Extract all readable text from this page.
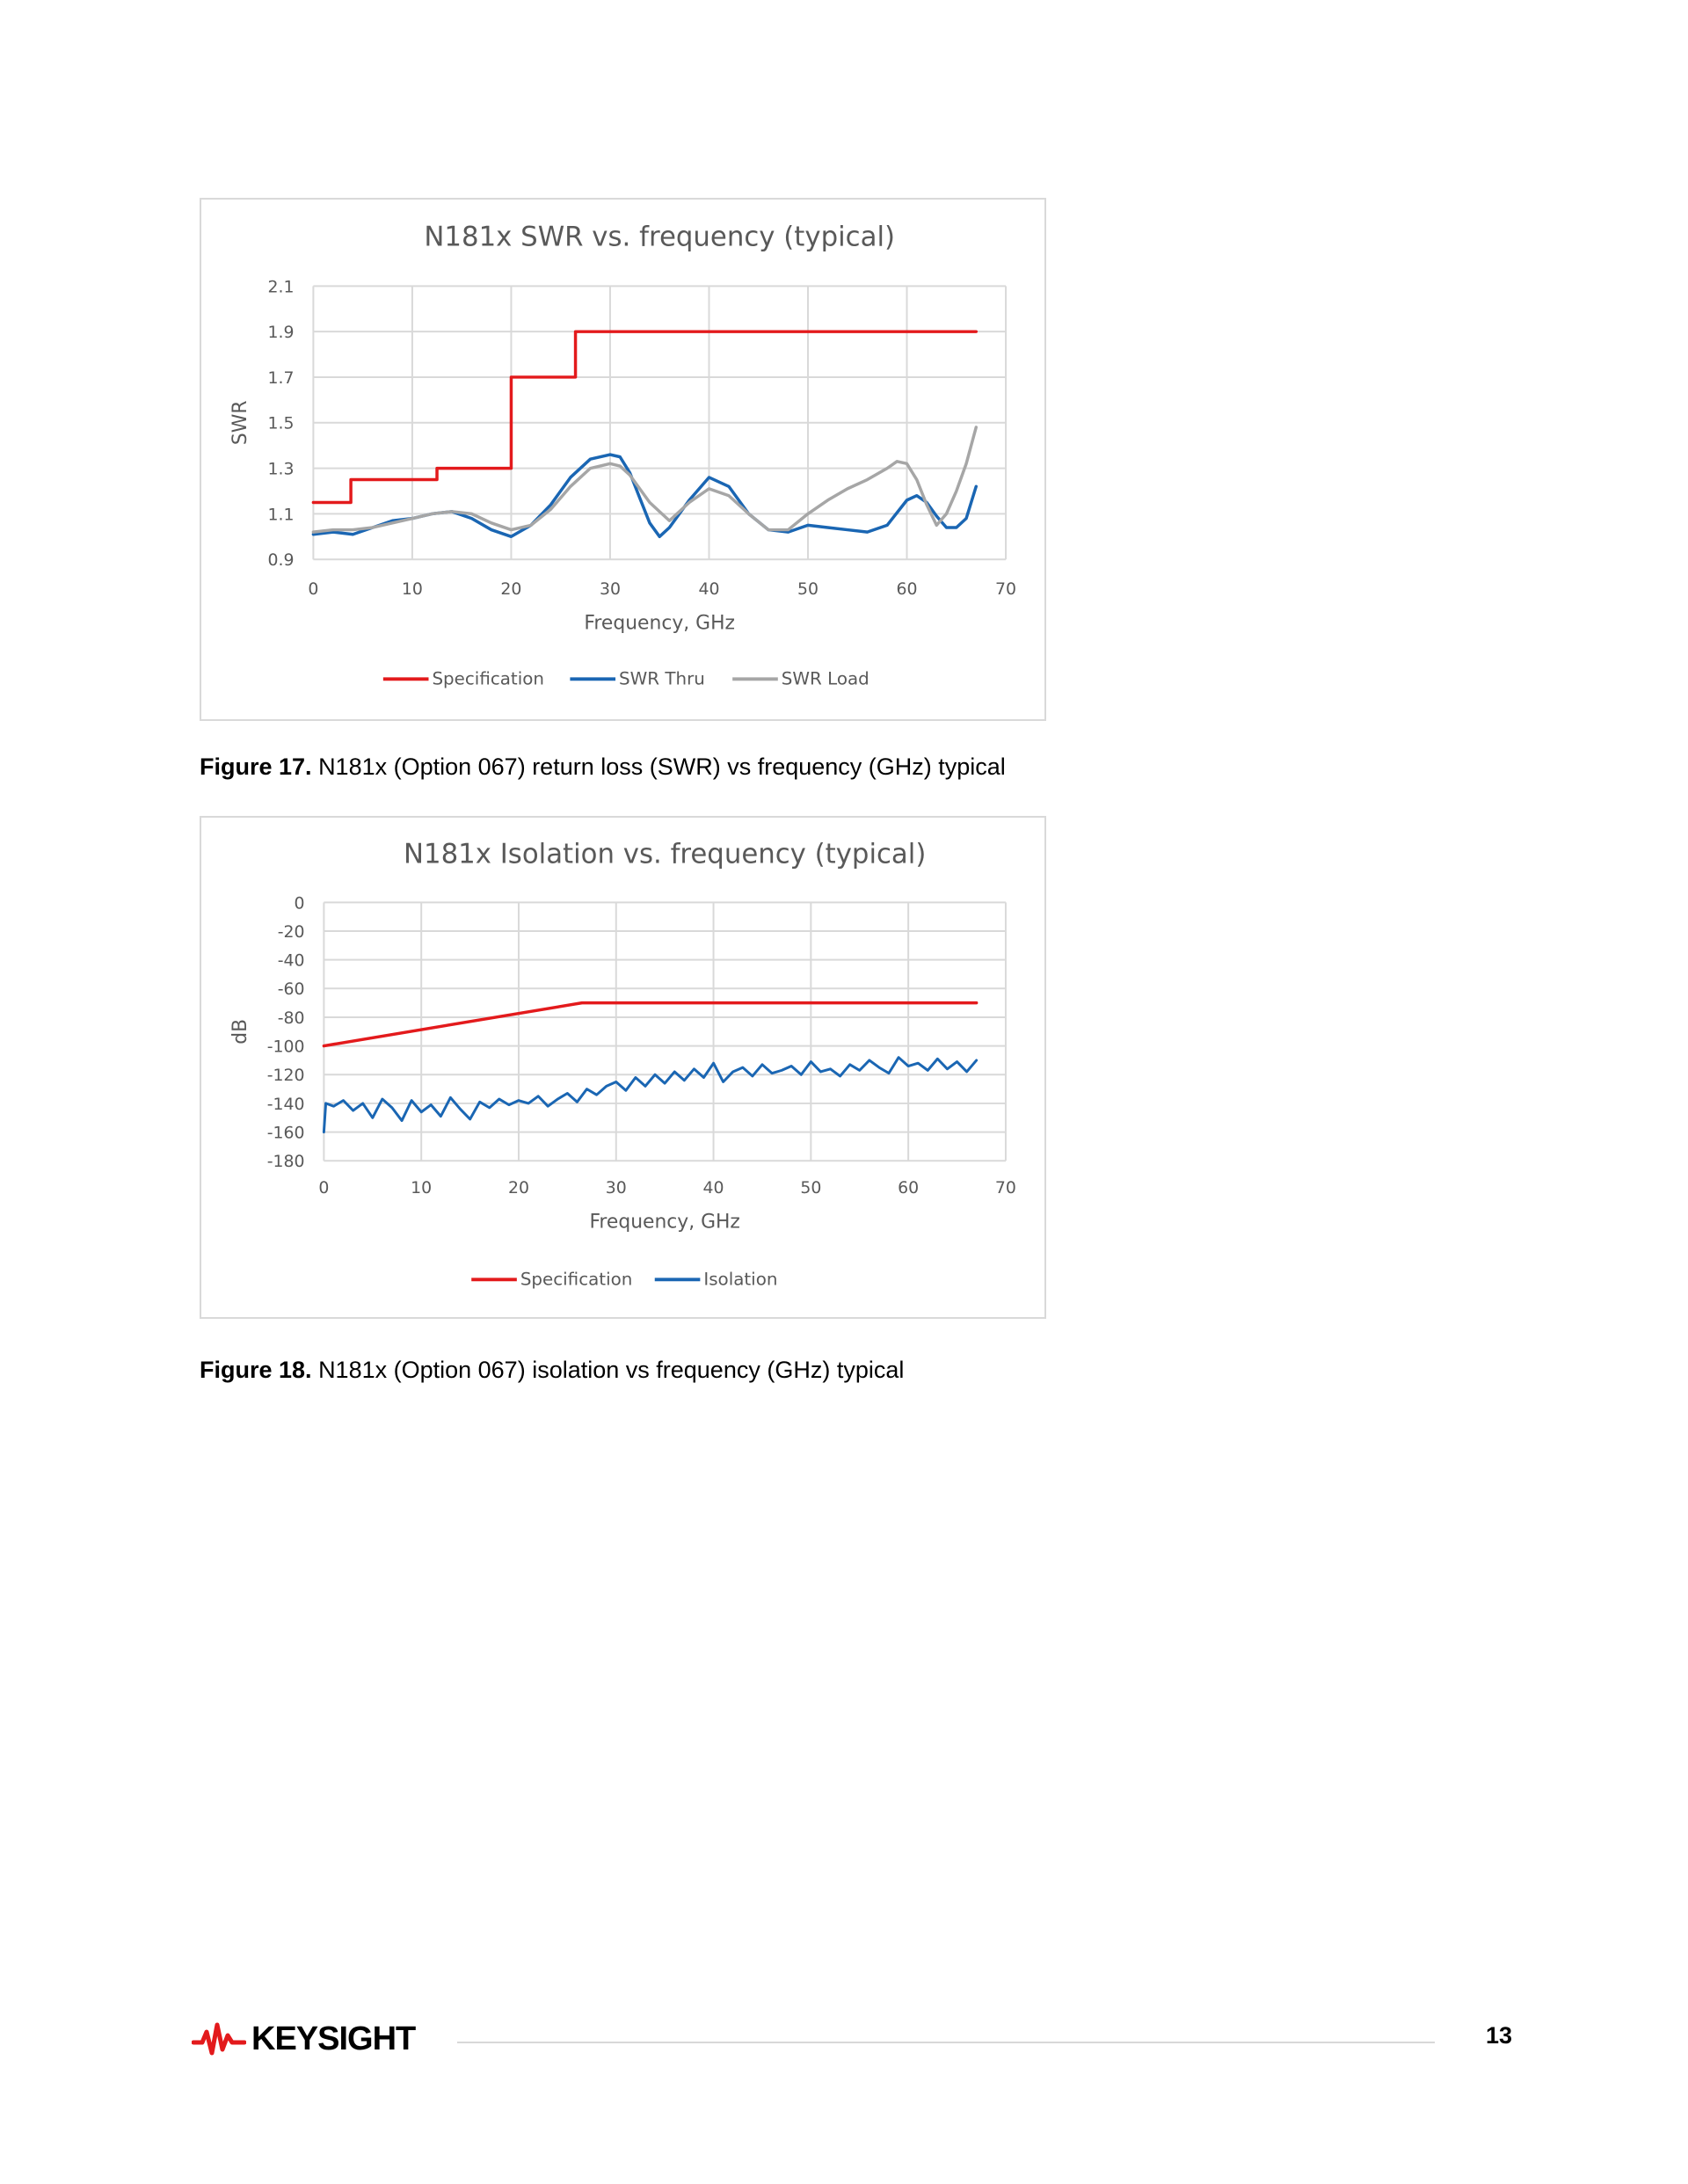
N181x SWR vs. frequency (typical)
2.1
1.9
1.7
1.5
1.3
1.1
0.9
0	10	20	30	40	50	60	70
Frequency, GHz
SWR
Specification	SWR Thru	SWR Load
Figure 17. N181x (Option 067) return loss (SWR) vs frequency (GHz) typical
N181x Isolation vs. frequency (typical)
0
-20
-40
-60
-80
-100
-120
-140
-160
-180
0	10	20	30	40	50	60	70
Frequency, GHz
dB
Specification	Isolation
Figure 18. N181x (Option 067) isolation vs frequency (GHz) typical
KEYSIGHT	13
